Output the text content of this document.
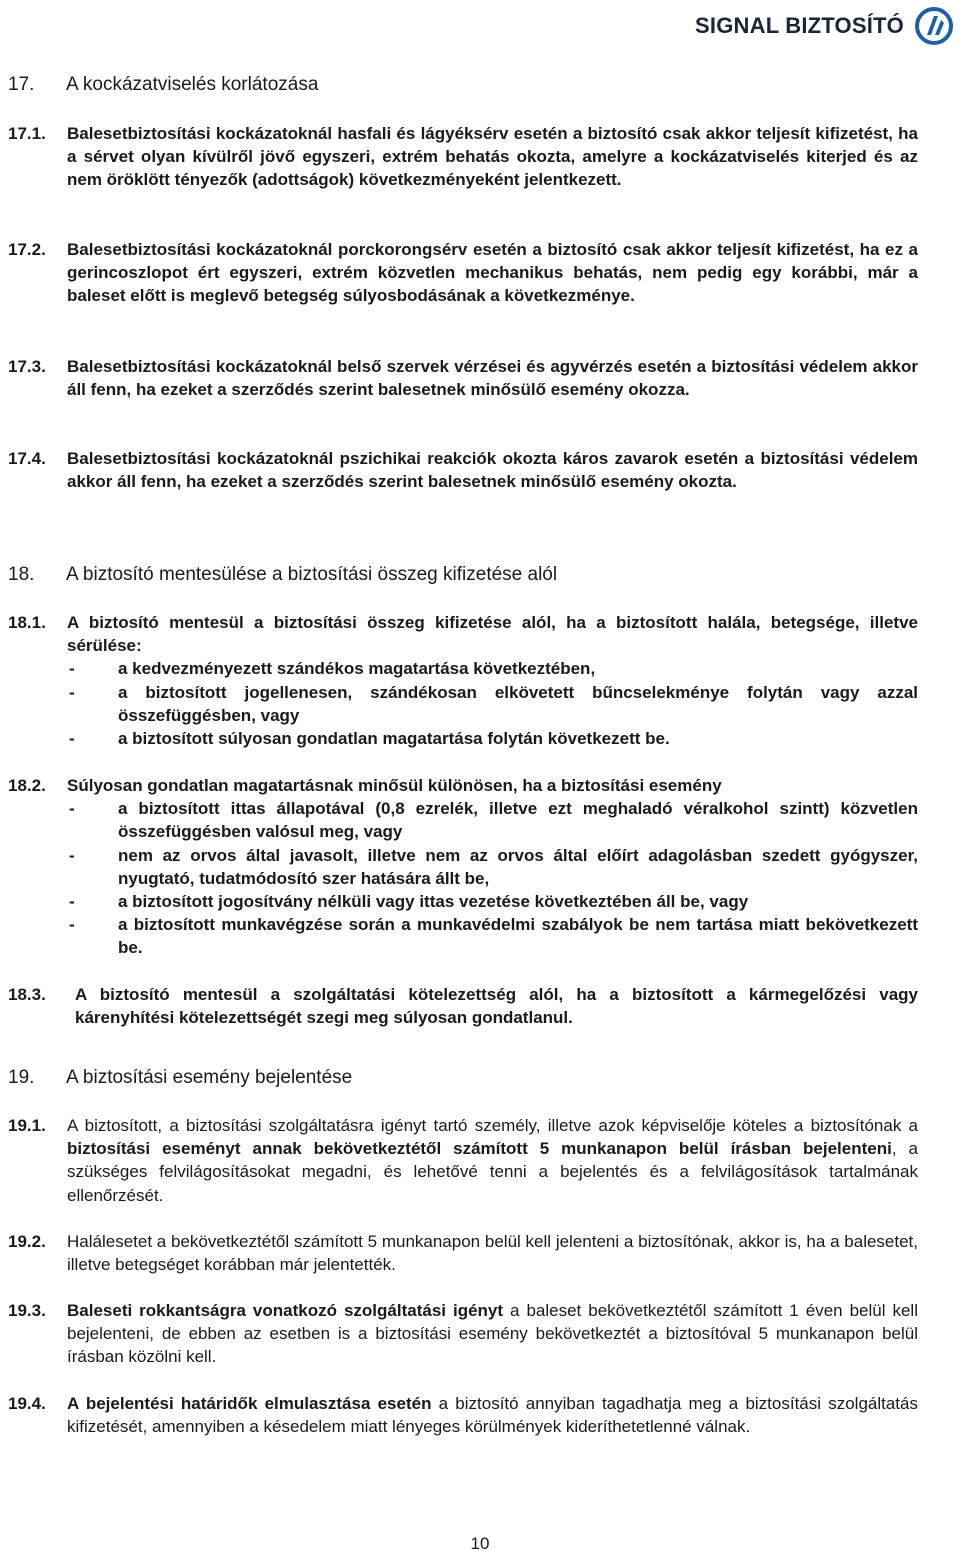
SIGNAL BIZTOSÍTÓ
17. A kockázatviselés korlátozása
17.1. Balesetbiztosítási kockázatoknál hasfali és lágyéksérv esetén a biztosító csak akkor teljesít kifizetést, ha a sérvet olyan kívülről jövő egyszeri, extrém behatás okozta, amelyre a kockázatviselés kiterjed és az nem öröklött tényezők (adottságok) következményeként jelentkezett.
17.2. Balesetbiztosítási kockázatoknál porckorongsérv esetén a biztosító csak akkor teljesít kifizetést, ha ez a gerincoszlopot ért egyszeri, extrém közvetlen mechanikus behatás, nem pedig egy korábbi, már a baleset előtt is meglevő betegség súlyosbodásának a következménye.
17.3. Balesetbiztosítási kockázatoknál belső szervek vérzései és agyvérzés esetén a biztosítási védelem akkor áll fenn, ha ezeket a szerződés szerint balesetnek minősülő esemény okozza.
17.4. Balesetbiztosítási kockázatoknál pszichikai reakciók okozta káros zavarok esetén a biztosítási védelem akkor áll fenn, ha ezeket a szerződés szerint balesetnek minősülő esemény okozta.
18. A biztosító mentesülése a biztosítási összeg kifizetése alól
18.1. A biztosító mentesül a biztosítási összeg kifizetése alól, ha a biztosított halála, betegsége, illetve sérülése:
- a kedvezményezett szándékos magatartása következtében,
- a biztosított jogellenesen, szándékosan elkövetett bűncselekménye folytán vagy azzal összefüggésben, vagy
- a biztosított súlyosan gondatlan magatartása folytán következett be.
18.2. Súlyosan gondatlan magatartásnak minősül különösen, ha a biztosítási esemény
- a biztosított ittas állapotával (0,8 ezrelék, illetve ezt meghaladó véralkohol szintt) közvetlen összefüggésben valósul meg, vagy
- nem az orvos által javasolt, illetve nem az orvos által előírt adagolásban szedett gyógyszer, nyugtató, tudatmódosító szer hatására állt be,
- a biztosított jogosítvány nélküli vagy ittas vezetése következtében áll be, vagy
- a biztosított munkavégzése során a munkavédelmi szabályok be nem tartása miatt bekövetkezett be.
18.3. A biztosító mentesül a szolgáltatási kötelezettség alól, ha a biztosított a kármegelőzési vagy kárenyhítési kötelezettségét szegi meg súlyosan gondatlanul.
19. A biztosítási esemény bejelentése
19.1. A biztosított, a biztosítási szolgáltatásra igényt tartó személy, illetve azok képviselője köteles a biztosítónak a biztosítási eseményt annak bekövetkeztétől számított 5 munkanapon belül írásban bejelenteni, a szükséges felvilágosításokat megadni, és lehetővé tenni a bejelentés és a felvilágosítások tartalmának ellenőrzését.
19.2. Halálesetet a bekövetkeztétől számított 5 munkanapon belül kell jelenteni a biztosítónak, akkor is, ha a balesetet, illetve betegséget korábban már jelentették.
19.3. Baleseti rokkantságra vonatkozó szolgáltatási igényt a baleset bekövetkeztétől számított 1 éven belül kell bejelenteni, de ebben az esetben is a biztosítási esemény bekövetkeztét a biztosítóval 5 munkanapon belül írásban közölni kell.
19.4. A bejelentési határidők elmulasztása esetén a biztosító annyiban tagadhatja meg a biztosítási szolgáltatás kifizetését, amennyiben a késedelem miatt lényeges körülmények kideríthetetlenné válnak.
10
